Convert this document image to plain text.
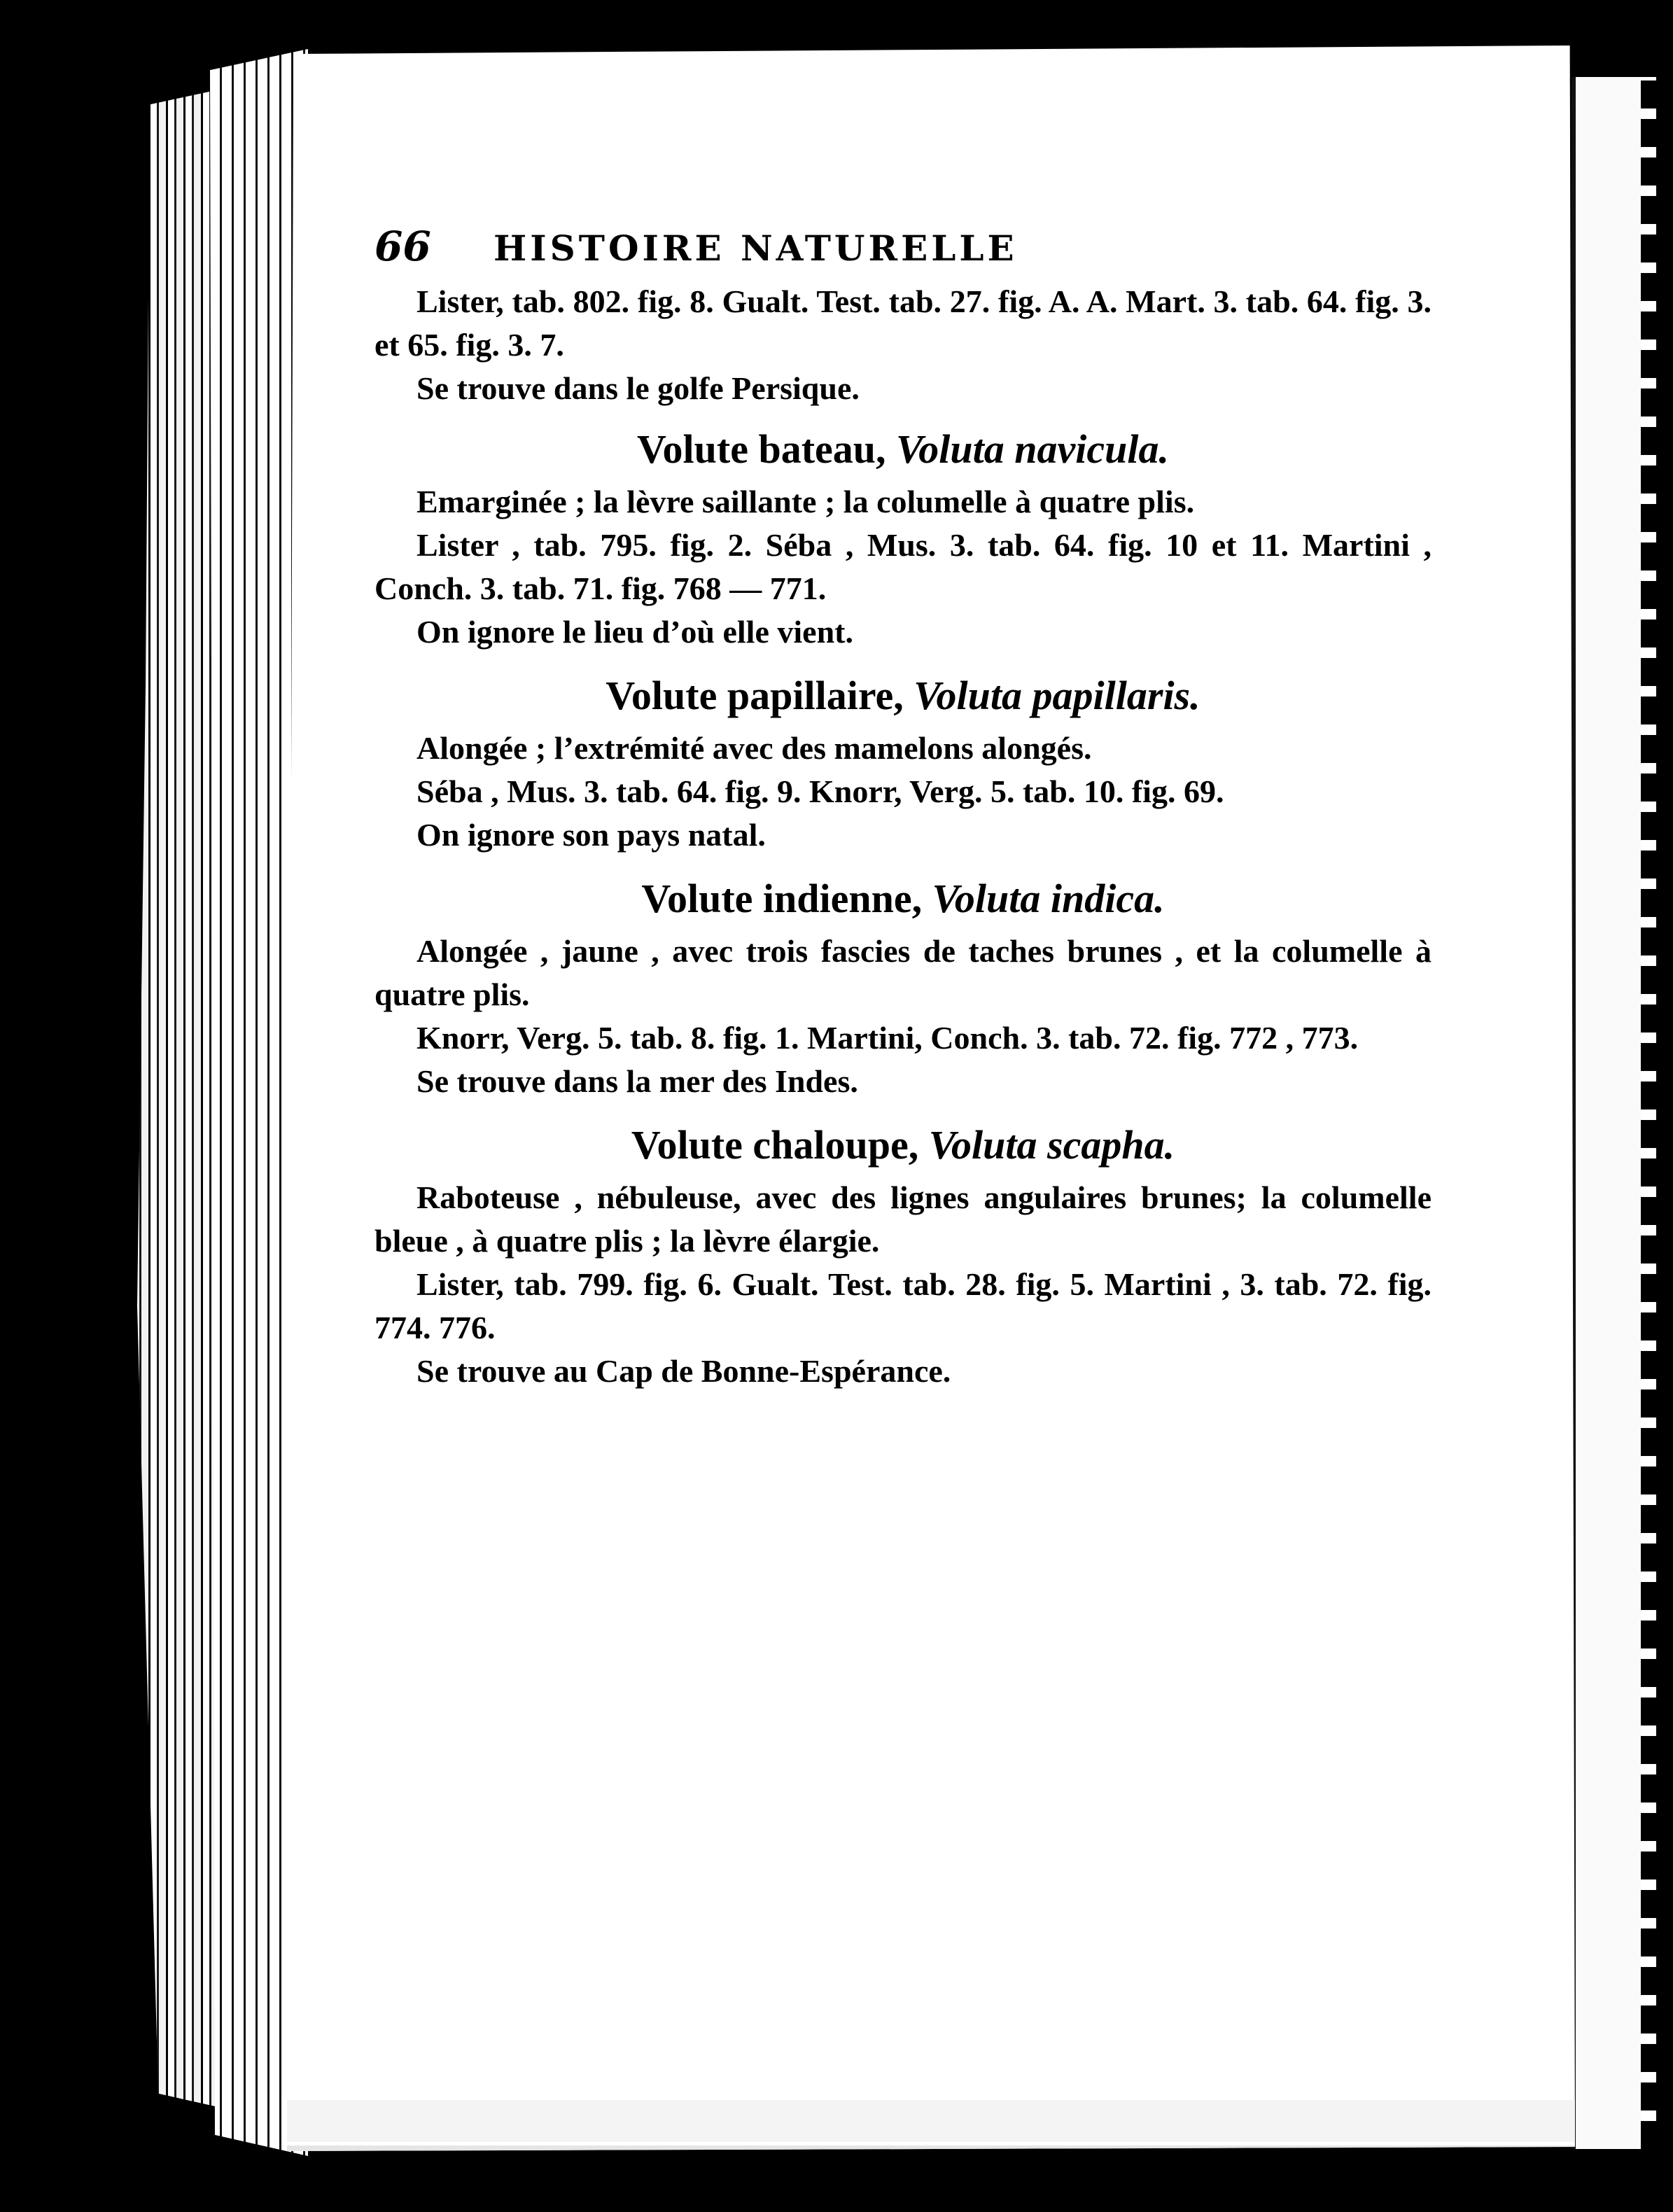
66	HISTOIRE NATURELLE

Lister, tab. 802. fig. 8. Gualt. Test. tab. 27. fig. A. A. Mart. 3. tab. 64. fig. 3. et 65. fig. 3. 7.

Se trouve dans le golfe Persique.

Volute bateau, Voluta navicula.

Emarginée ; la lèvre saillante ; la columelle à quatre plis.

Lister , tab. 795. fig. 2. Séba , Mus. 3. tab. 64. fig. 10 et 11. Martini , Conch. 3. tab. 71. fig. 768 — 771.

On ignore le lieu d’où elle vient.

Volute papillaire, Voluta papillaris.

Alongée ; l’extrémité avec des mamelons alongés.

Séba , Mus. 3. tab. 64. fig. 9. Knorr, Verg. 5. tab. 10. fig. 69.

On ignore son pays natal.

Volute indienne, Voluta indica.

Alongée , jaune , avec trois fascies de taches brunes , et la columelle à quatre plis.

Knorr, Verg. 5. tab. 8. fig. 1. Martini, Conch. 3. tab. 72. fig. 772 , 773.

Se trouve dans la mer des Indes.

Volute chaloupe, Voluta scapha.

Raboteuse , nébuleuse, avec des lignes angulaires brunes; la columelle bleue , à quatre plis ; la lèvre élargie.

Lister, tab. 799. fig. 6. Gualt. Test. tab. 28. fig. 5. Martini , 3. tab. 72. fig. 774. 776.

Se trouve au Cap de Bonne-Espérance.
